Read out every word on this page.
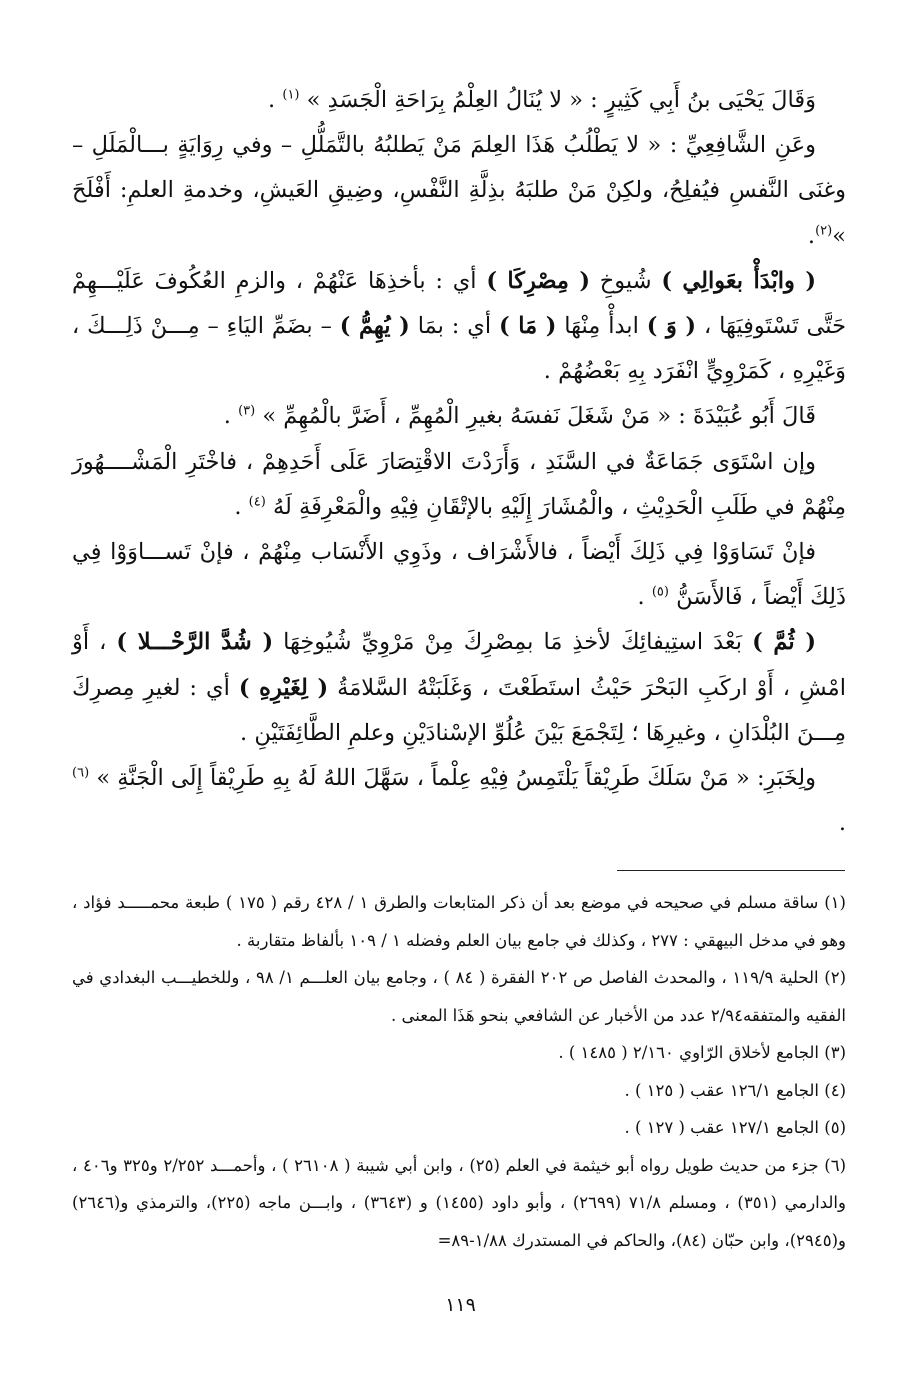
وَقَالَ يَحْيَى بنُ أَبِي كَثِيرٍ : « لا يُنَالُ العِلْمُ بِرَاحَةِ الْجَسَدِ » $^{(١)}$ .

وعَنِ الشَّافِعِيِّ : « لا يَطْلُبُ هَذَا العِلمَ مَنْ يَطلبُهُ بالتَّمَلُّلِ – وفي رِوَايَةٍ بـــالْمَلَلِ – وغنَى النَّفسِ فيُفلِحُ، ولكِنْ مَنْ طلبَهُ بذِلَّةِ النَّفْسِ، وضِيقِ العَيشِ، وخدمةِ العلمِ: أَفْلَحَ »$^{(٢)}$.

( وابْدَأْ بعَوالِي ) شُيوخِ ( مِصْرِكَا ) أي : بأخذِهَا عَنْهُمْ ، والزمِ العُكُوفَ عَلَيْـــهِمْ حَتَّى تَسْتَوفِيَهَا ، ( وَ ) ابدأْ مِنْهَا ( مَا ) أي : بمَا ( يُهِمُّ ) – بضَمِّ اليَاءِ – مِـــنْ ذَلِـــكَ ، وَغَيْرِهِ ، كَمَرْوِيٍّ انْفَرَد بِهِ بَعْضُهُمْ .

قَالَ أَبُو عُبَيْدَةَ : « مَنْ شَغَلَ نَفسَهُ بغيرِ الْمُهِمِّ ، أَضَرَّ بالْمُهِمِّ » $^{(٣)}$ .

وإن اسْتَوَى جَمَاعَةٌ في السَّنَدِ ، وَأَرَدْتَ الاقْتِصَارَ عَلَى أَحَدِهِمْ ، فاخْتَرِ الْمَشْــــهُورَ مِنْهُمْ في طَلَبِ الْحَدِيْثِ ، والْمُشَارَ إِلَيْهِ بالإتْقَانِ فِيْهِ والْمَعْرِفَةِ لَهُ $^{(٤)}$ .

فإنْ تَسَاوَوْا فِي ذَلِكَ أَيْضاً ، فالأَشْرَاف ، وذَوِي الأَنْسَاب مِنْهُمْ ، فإنْ تَســـاوَوْا فِي ذَلِكَ أَيْضاً ، فَالأَسَنُّ $^{(٥)}$ .

( ثُمَّ ) بَعْدَ استِيفائِكَ لأخذِ مَا بمِصْرِكَ مِنْ مَرْوِيِّ شُيُوخِهَا ( شُدَّ الرَّحْـــلا ) ، أَوْ امْشِ ، أَوْ اركَبِ البَحْرَ حَيْثُ استَطَعْتَ ، وَغَلَبَتْهُ السَّلامَةُ ( لِغَيْرِهِ ) أي : لغيرِ مِصرِكَ مِـــنَ البُلْدَانِ ، وغيرِهَا ؛ لِتَجْمَعَ بَيْنَ عُلُوِّ الإسْنادَيْنِ وعلمِ الطَّائِفَتَيْنِ .

ولِخَبَرِ: « مَنْ سَلَكَ طَرِيْقاً يَلْتَمِسُ فِيْهِ عِلْماً ، سَهَّلَ اللهُ لَهُ بِهِ طَرِيْقاً إِلَى الْجَنَّةِ » $^{(٦)}$ .

(١) ساقة مسلم في صحيحه في موضع بعد أن ذكر المتابعات والطرق ١ / ٤٢٨ رقم ( ١٧٥ ) طبعة محمـــــد فؤاد ، وهو في مدخل البيهقي : ٢٧٧ ، وكذلك في جامع بيان العلم وفضله ١ / ١٠٩ بألفاظ متقاربة .

(٢) الحلية ١١٩/٩ ، والمحدث الفاصل ص ٢٠٢ الفقرة ( ٨٤ ) ، وجامع بيان العلـــم ١/ ٩٨ ، وللخطيـــب البغدادي في الفقيه والمتفقه٢/٩٤ عدد من الأخبار عن الشافعي بنحو هَذَا المعنى .

(٣) الجامع لأخلاق الرّاوي ٢/١٦٠ ( ١٤٨٥ ) .

(٤) الجامع ١٢٦/١ عقب ( ١٢٥ ) .

(٥) الجامع ١٢٧/١ عقب ( ١٢٧ ) .

(٦) جزء من حديث طويل رواه أبو خيثمة في العلم (٢٥) ، وابن أبي شيبة ( ٢٦١٠٨ ) ، وأحمـــد ٢/٢٥٢ و٣٢٥ و٤٠٦ ، والدارمي (٣٥١) ، ومسلم ٧١/٨ (٢٦٩٩) ، وأبو داود (١٤٥٥) و (٣٦٤٣) ، وابـــن ماجه (٢٢٥)، والترمذي و(٢٦٤٦) و(٢٩٤٥)، وابن حبّان (٨٤)، والحاكم في المستدرك ١/٨٨-٨٩=

١١٩
